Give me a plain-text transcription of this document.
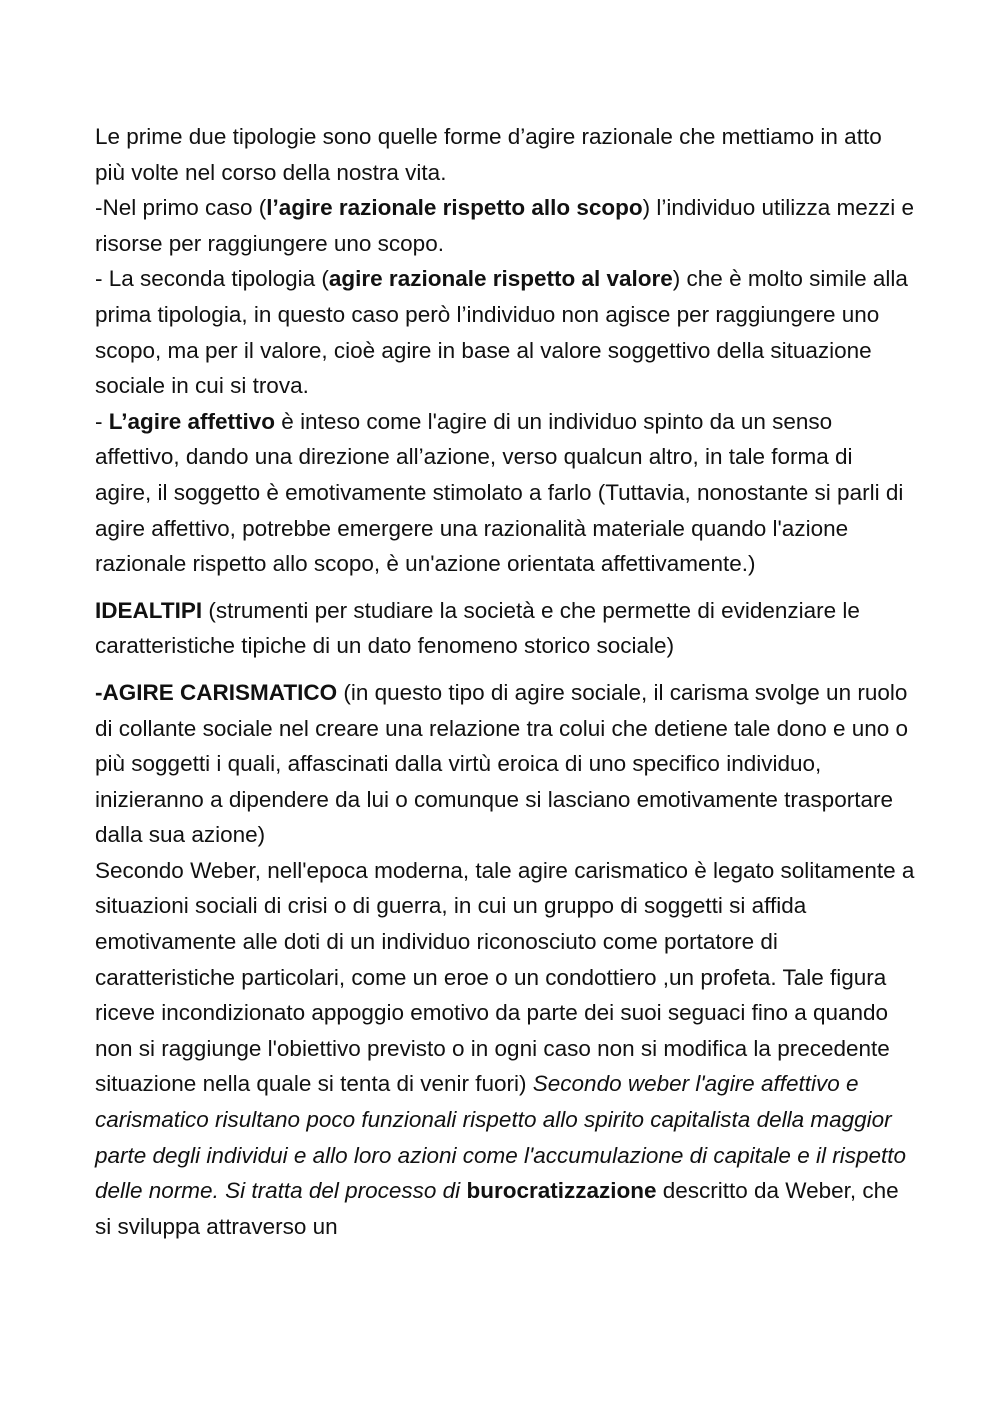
Le prime due tipologie sono quelle forme d’agire razionale che mettiamo in atto più volte nel corso della nostra vita.

-Nel primo caso (l’agire razionale rispetto allo scopo) l’individuo utilizza mezzi e risorse per raggiungere uno scopo.

- La seconda tipologia (agire razionale rispetto al valore) che è molto simile alla prima tipologia, in questo caso però l’individuo non agisce per raggiungere uno scopo, ma per il valore, cioè agire in base al valore soggettivo della situazione sociale in cui si trova.

- L’agire affettivo è inteso come l'agire di un individuo spinto da un senso affettivo, dando una direzione all’azione, verso qualcun altro, in tale forma di agire, il soggetto è emotivamente stimolato a farlo (Tuttavia, nonostante si parli di agire affettivo, potrebbe emergere una razionalità materiale quando l'azione razionale rispetto allo scopo, è un'azione orientata affettivamente.)

IDEALTIPI (strumenti per studiare la società e che permette di evidenziare le caratteristiche tipiche di un dato fenomeno storico sociale)

-AGIRE CARISMATICO (in questo tipo di agire sociale, il carisma svolge un ruolo di collante sociale nel creare una relazione tra colui che detiene tale dono e uno o più soggetti i quali, affascinati dalla virtù eroica di uno specifico individuo, inizieranno a dipendere da lui o comunque si lasciano emotivamente trasportare dalla sua azione)

Secondo Weber, nell'epoca moderna, tale agire carismatico è legato solitamente a situazioni sociali di crisi o di guerra, in cui un gruppo di soggetti si affida emotivamente alle doti di un individuo riconosciuto come portatore di caratteristiche particolari, come un eroe o un condottiero ,un profeta. Tale figura riceve incondizionato appoggio emotivo da parte dei suoi seguaci fino a quando non si raggiunge l'obiettivo previsto o in ogni caso non si modifica la precedente situazione nella quale si tenta di venir fuori) Secondo weber l'agire affettivo e carismatico risultano poco funzionali rispetto allo spirito capitalista della maggior parte degli individui e allo loro azioni come l'accumulazione di capitale e il rispetto delle norme. Si tratta del processo di burocratizzazione descritto da Weber, che si sviluppa attraverso un
